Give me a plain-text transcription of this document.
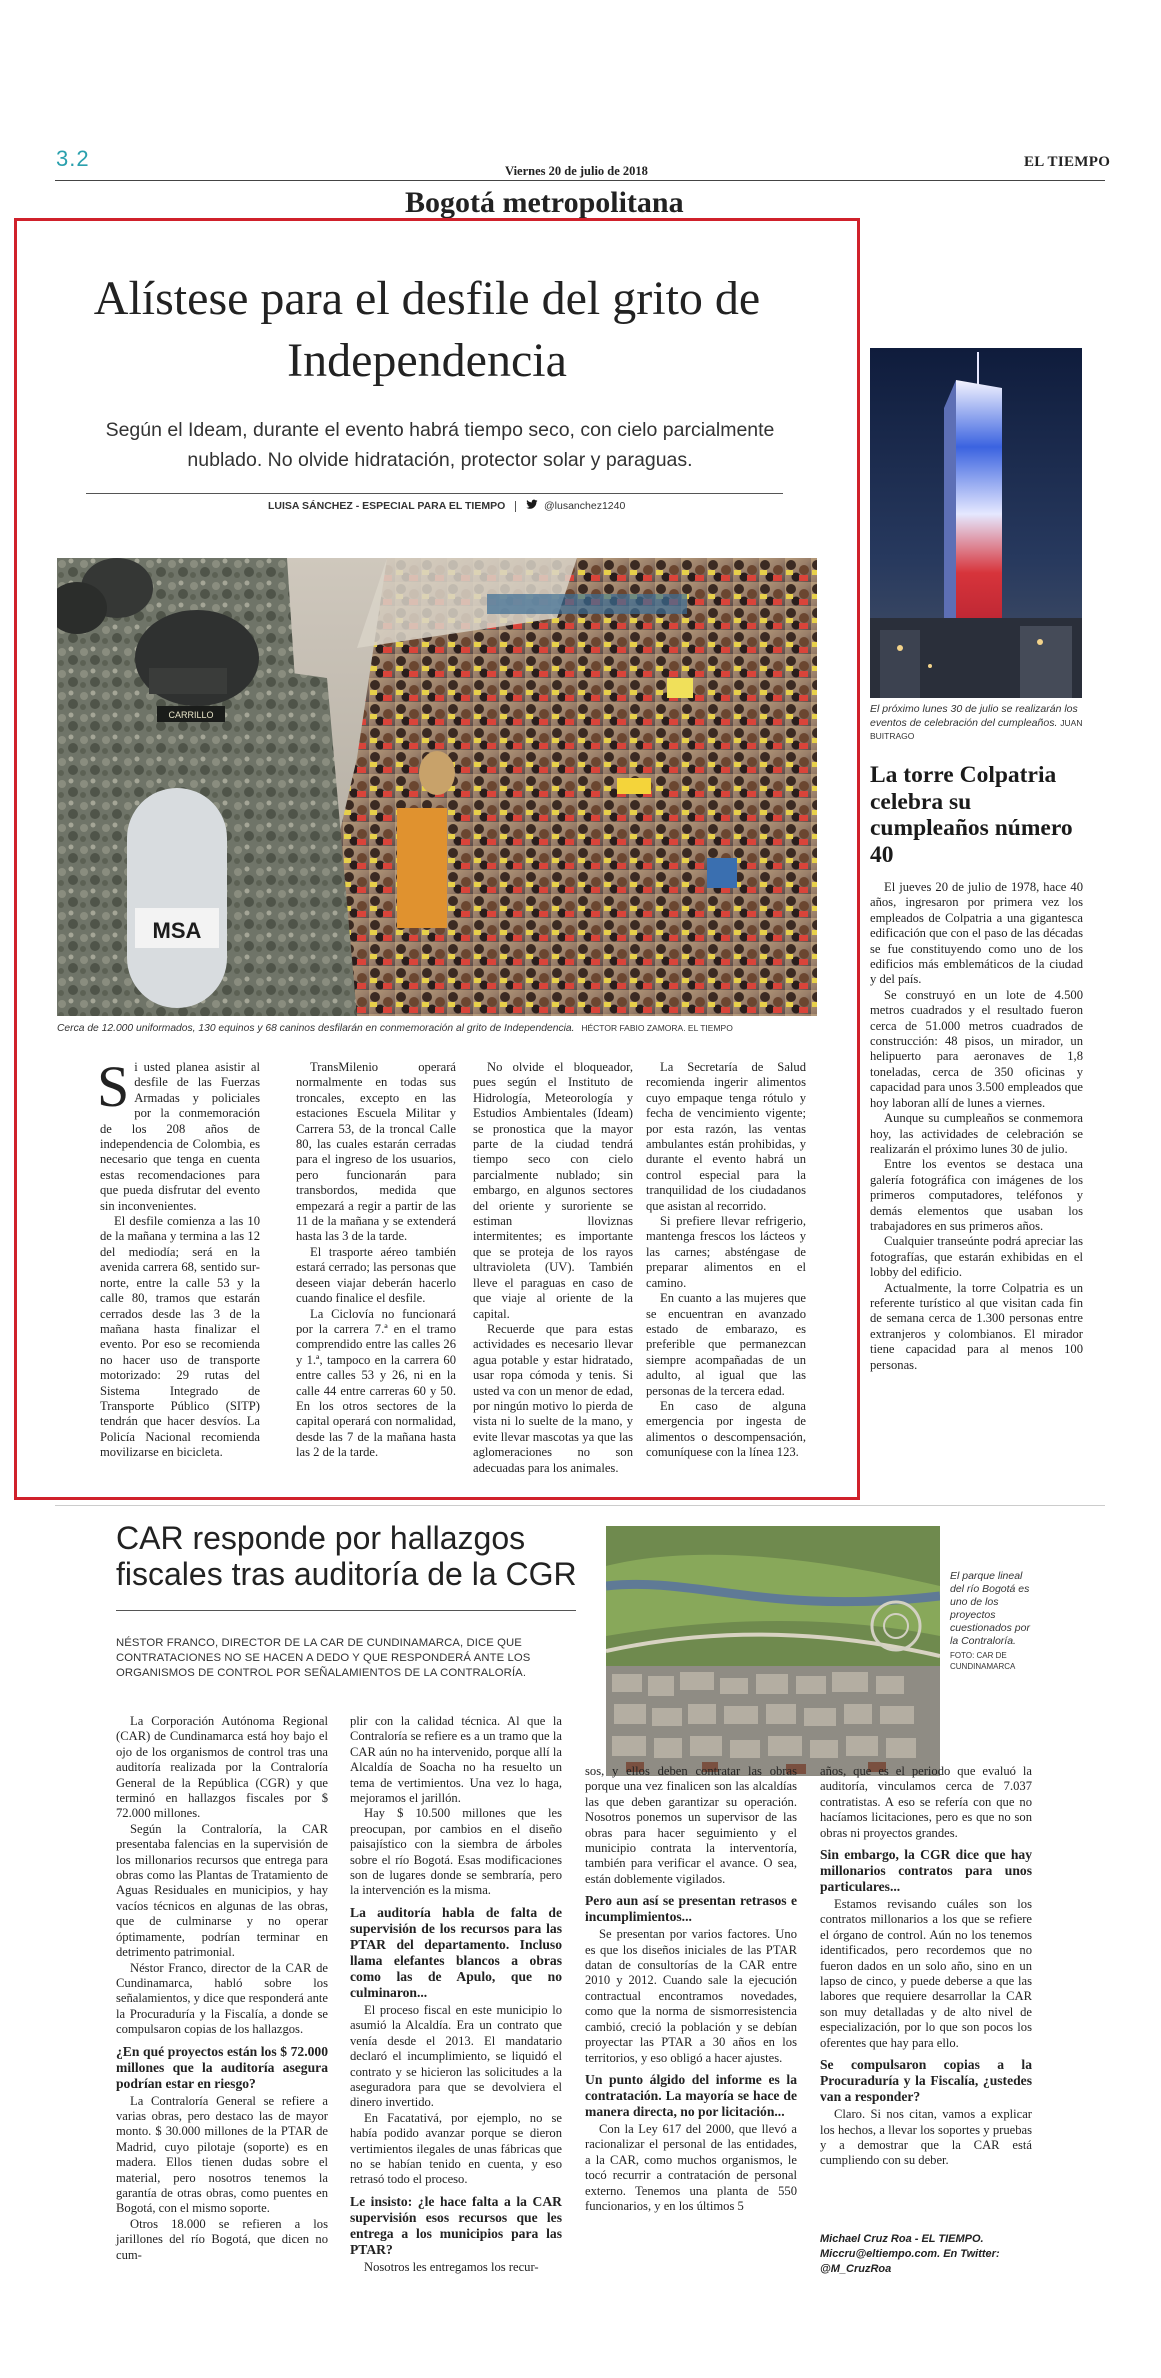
3.2	Viernes 20 de julio de 2018
EL TIEMPO
Bogotá metropolitana
Alístese para el desfile del grito de Independencia
Según el Ideam, durante el evento habrá tiempo seco, con cielo parcialmente nublado. No olvide hidratación, protector solar y paraguas.
LUISA SÁNCHEZ - ESPECIAL PARA EL TIEMPO	@lusanchez1240
MSA
CARRILLO
Cerca de 12.000 uniformados, 130 equinos y 68 caninos desfilarán en conmemoración al grito de Independencia. HÉCTOR FABIO ZAMORA. EL TIEMPO
S i usted planea asistir al desfile de las Fuerzas Armadas y policiales por la conmemoración de los 208 años de independencia de Colombia, es necesario que tenga en cuenta estas recomendaciones para que pueda disfrutar del evento sin inconvenientes.

El desfile comienza a las 10 de la mañana y termina a las 12 del mediodía; será en la avenida carrera 68, sentido sur-norte, entre la calle 53 y la calle 80, tramos que estarán cerrados desde las 3 de la mañana hasta finalizar el evento. Por eso se recomienda no hacer uso de transporte motorizado: 29 rutas del Sistema Integrado de Transporte Público (SITP) tendrán que hacer desvíos. La Policía Nacional recomienda movilizarse en bicicleta.

TransMilenio operará normalmente en todas sus troncales, excepto en las estaciones Escuela Militar y Carrera 53, de la troncal Calle 80, las cuales estarán cerradas para el ingreso de los usuarios, pero funcionarán para transbordos, medida que empezará a regir a partir de las 11 de la mañana y se extenderá hasta las 3 de la tarde.

El trasporte aéreo también estará cerrado; las personas que deseen viajar deberán hacerlo cuando finalice el desfile.

La Ciclovía no funcionará por la carrera 7.ª en el tramo comprendido entre las calles 26 y 1.ª, tampoco en la carrera 60 entre calles 53 y 26, ni en la calle 44 entre carreras 60 y 50. En los otros sectores de la capital operará con normalidad, desde las 7 de la mañana hasta las 2 de la tarde.

No olvide el bloqueador, pues según el Instituto de Hidrología, Meteorología y Estudios Ambientales (Ideam) se pronostica que la mayor parte de la ciudad tendrá tiempo seco con cielo parcialmente nublado; sin embargo, en algunos sectores del oriente y suroriente se estiman lloviznas intermitentes; es importante que se proteja de los rayos ultravioleta (UV). También lleve el paraguas en caso de que viaje al oriente de la capital.

Recuerde que para estas actividades es necesario llevar agua potable y estar hidratado, usar ropa cómoda y tenis. Si usted va con un menor de edad, por ningún motivo lo pierda de vista ni lo suelte de la mano, y evite llevar mascotas ya que las aglomeraciones no son adecuadas para los animales.

La Secretaría de Salud recomienda ingerir alimentos cuyo empaque tenga rótulo y fecha de vencimiento vigente; por esta razón, las ventas ambulantes están prohibidas, y durante el evento habrá un control especial para la tranquilidad de los ciudadanos que asistan al recorrido.

Si prefiere llevar refrigerio, mantenga frescos los lácteos y las carnes; absténgase de preparar alimentos en el camino.

En cuanto a las mujeres que se encuentran en avanzado estado de embarazo, es preferible que permanezcan siempre acompañadas de un adulto, al igual que las personas de la tercera edad.

En caso de alguna emergencia por ingesta de alimentos o descompensación, comuníquese con la línea 123.

El próximo lunes 30 de julio se realizarán los eventos de celebración del cumpleaños. JUAN BUITRAGO
La torre Colpatria celebra su cumpleaños número 40

El jueves 20 de julio de 1978, hace 40 años, ingresaron por primera vez los empleados de Colpatria a una gigantesca edificación que con el paso de las décadas se fue constituyendo como uno de los edificios más emblemáticos de la ciudad y del país.

Se construyó en un lote de 4.500 metros cuadrados y el resultado fueron cerca de 51.000 metros cuadrados de construcción: 48 pisos, un mirador, un helipuerto para aeronaves de 1,8 toneladas, cerca de 350 oficinas y capacidad para unos 3.500 empleados que hoy laboran allí de lunes a viernes.

Aunque su cumpleaños se conmemora hoy, las actividades de celebración se realizarán el próximo lunes 30 de julio.

Entre los eventos se destaca una galería fotográfica con imágenes de los primeros computadores, teléfonos y demás elementos que usaban los trabajadores en sus primeros años.

Cualquier transeúnte podrá apreciar las fotografías, que estarán exhibidas en el lobby del edificio.

Actualmente, la torre Colpatria es un referente turístico al que visitan cada fin de semana cerca de 1.300 personas entre extranjeros y colombianos. El mirador tiene capacidad para al menos 100 personas.

CAR responde por hallazgos fiscales tras auditoría de la CGR	El parque lineal del río Bogotá es uno de los proyectos cuestionados por la Contraloría.
FOTO: CAR DE CUNDINAMARCA
NÉSTOR FRANCO, DIRECTOR DE LA CAR DE CUNDINAMARCA, DICE QUE CONTRATACIONES NO SE HACEN A DEDO Y QUE RESPONDERÁ ANTE LOS ORGANISMOS DE CONTROL POR SEÑALAMIENTOS DE LA CONTRALORÍA.

La Corporación Autónoma Regional (CAR) de Cundinamarca está hoy bajo el ojo de los organismos de control tras una auditoría realizada por la Contraloría General de la República (CGR) y que terminó en hallazgos fiscales por $ 72.000 millones.

Según la Contraloría, la CAR presentaba falencias en la supervisión de los millonarios recursos que entrega para obras como las Plantas de Tratamiento de Aguas Residuales en municipios, y hay vacíos técnicos en algunas de las obras, que de culminarse y no operar óptimamente, podrían terminar en detrimento patrimonial.

Néstor Franco, director de la CAR de Cundinamarca, habló sobre los señalamientos, y dice que responderá ante la Procuraduría y la Fiscalía, a donde se compulsaron copias de los hallazgos.

¿En qué proyectos están los $ 72.000 millones que la auditoría asegura podrían estar en riesgo?

La Contraloría General se refiere a varias obras, pero destaco las de mayor monto. $ 30.000 millones de la PTAR de Madrid, cuyo pilotaje (soporte) es en madera. Ellos tienen dudas sobre el material, pero nosotros tenemos la garantía de otras obras, como puentes en Bogotá, con el mismo soporte.

Otros 18.000 se refieren a los jarillones del río Bogotá, que dicen no cum-

plir con la calidad técnica. Al que la Contraloría se refiere es a un tramo que la CAR aún no ha intervenido, porque allí la Alcaldía de Soacha no ha resuelto un tema de vertimientos. Una vez lo haga, mejoramos el jarillón.

Hay $ 10.500 millones que les preocupan, por cambios en el diseño paisajístico con la siembra de árboles sobre el río Bogotá. Esas modificaciones son de lugares donde se sembraría, pero la intervención es la misma.

La auditoría habla de falta de supervisión de los recursos para las PTAR del departamento. Incluso llama elefantes blancos a obras como las de Apulo, que no culminaron...

El proceso fiscal en este municipio lo asumió la Alcaldía. Era un contrato que venía desde el 2013. El mandatario declaró el incumplimiento, se liquidó el contrato y se hicieron las solicitudes a la aseguradora para que se devolviera el dinero invertido.

En Facatativá, por ejemplo, no se había podido avanzar porque se dieron vertimientos ilegales de unas fábricas que no se habían tenido en cuenta, y eso retrasó todo el proceso.

Le insisto: ¿le hace falta a la CAR supervisión esos recursos que les entrega a los municipios para las PTAR?

Nosotros les entregamos los recur-

sos, y ellos deben contratar las obras porque una vez finalicen son las alcaldías las que deben garantizar su operación. Nosotros ponemos un supervisor de las obras para hacer seguimiento y el municipio contrata la interventoría, también para verificar el avance. O sea, están doblemente vigilados.

Pero aun así se presentan retrasos e incumplimientos...

Se presentan por varios factores. Uno es que los diseños iniciales de las PTAR datan de consultorías de la CAR entre 2010 y 2012. Cuando sale la ejecución contractual encontramos novedades, como que la norma de sismorresistencia cambió, creció la población y se debían proyectar las PTAR a 30 años en los territorios, y eso obligó a hacer ajustes.

Un punto álgido del informe es la contratación. La mayoría se hace de manera directa, no por licitación...

Con la Ley 617 del 2000, que llevó a racionalizar el personal de las entidades, a la CAR, como muchos organismos, le tocó recurrir a contratación de personal externo. Tenemos una planta de 550 funcionarios, y en los últimos 5

años, que es el periodo que evaluó la auditoría, vinculamos cerca de 7.037 contratistas. A eso se refería con que no hacíamos licitaciones, pero es que no son obras ni proyectos grandes.

Sin embargo, la CGR dice que hay millonarios contratos para unos particulares...

Estamos revisando cuáles son los contratos millonarios a los que se refiere el órgano de control. Aún no los tenemos identificados, pero recordemos que no fueron dados en un solo año, sino en un lapso de cinco, y puede deberse a que las labores que requiere desarrollar la CAR son muy detalladas y de alto nivel de especialización, por lo que son pocos los oferentes que hay para ello.

Se compulsaron copias a la Procuraduría y la Fiscalía, ¿ustedes van a responder?

Claro. Si nos citan, vamos a explicar los hechos, a llevar los soportes y pruebas y a demostrar que la CAR está cumpliendo con su deber.

Michael Cruz Roa - EL TIEMPO.
Miccru@eltiempo.com. En Twitter:
@M_CruzRoa
